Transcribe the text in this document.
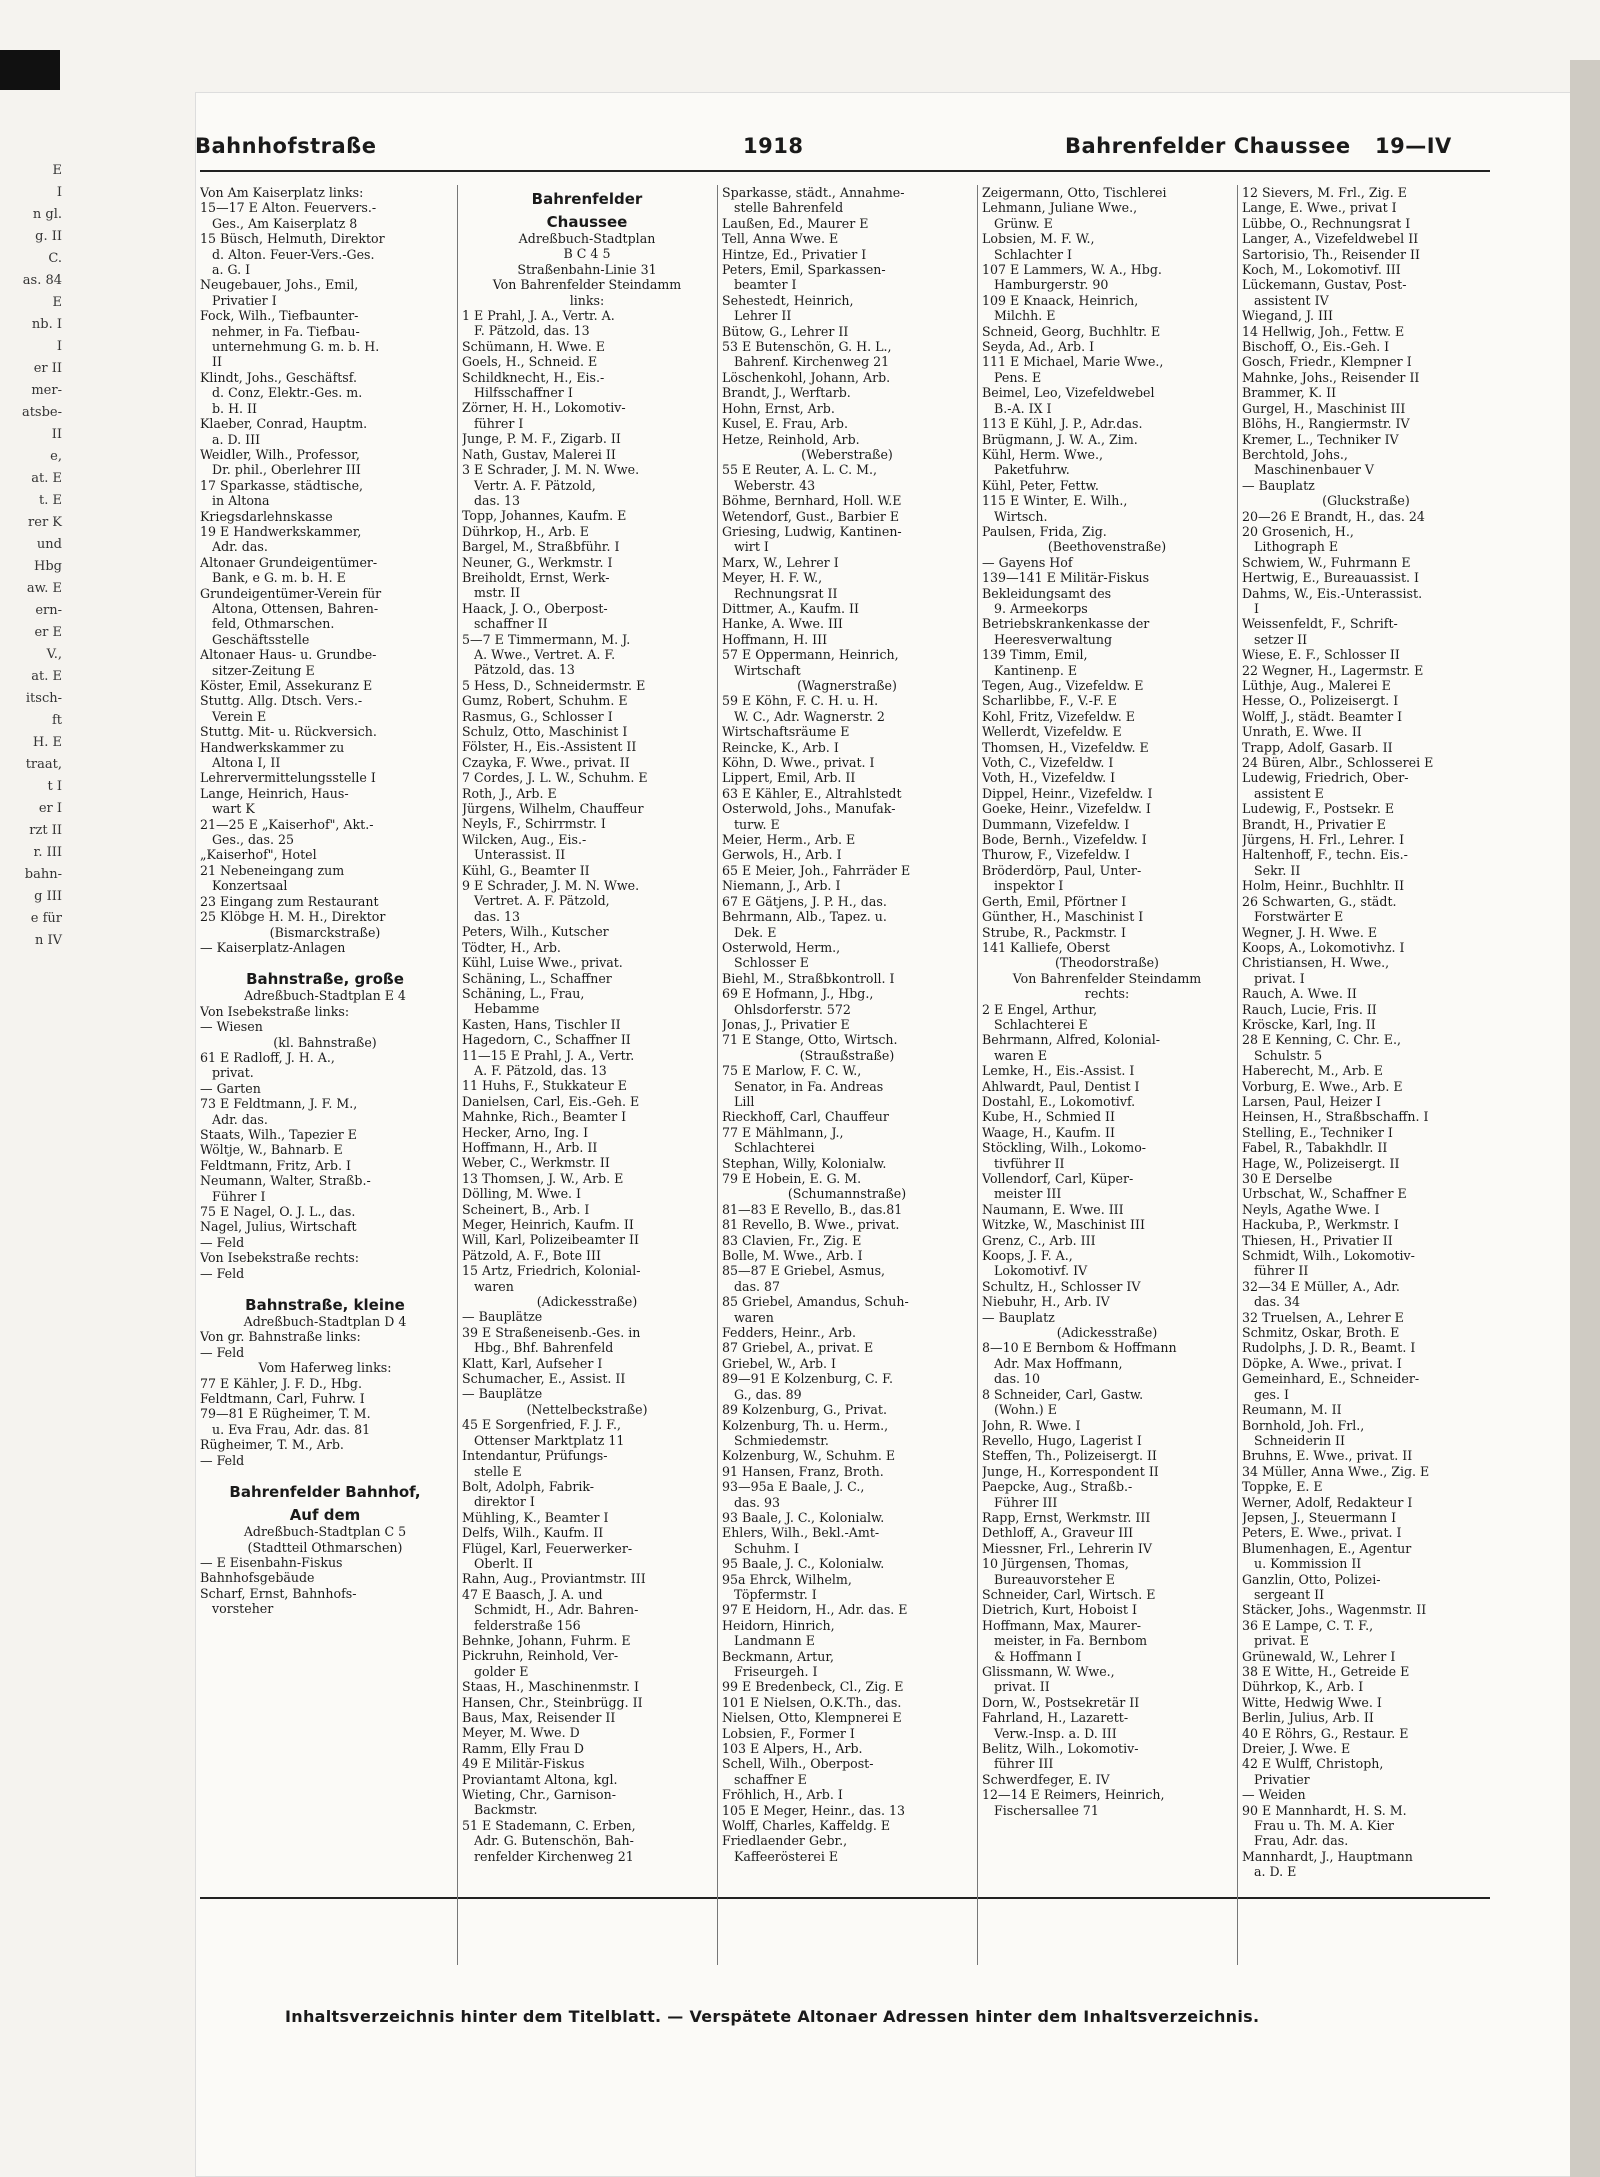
E
I
n gl.
g. II
C.
as. 84
E
nb. I
I
er II
mer-
atsbe-
II
e,
at. E
t. E
rer K
und
Hbg
aw. E
ern-
er E
V.,
at. E
itsch-
ft
H. E
traat,
t I
er I
rzt II
r. III
bahn-
g III
e für
n IV
Bahnhofstraße	1918	Bahrenfelder Chaussee 19—IV
Von Am Kaiserplatz links:
15—17 E Alton. Feuervers.-
Ges., Am Kaiserplatz 8
15 Büsch, Helmuth, Direktor
d. Alton. Feuer-Vers.-Ges.
a. G. I
Neugebauer, Johs., Emil,
Privatier I
Fock, Wilh., Tiefbaunter-
nehmer, in Fa. Tiefbau-
unternehmung G. m. b. H.
II
Klindt, Johs., Geschäftsf.
d. Conz, Elektr.-Ges. m.
b. H. II
Klaeber, Conrad, Hauptm.
a. D. III
Weidler, Wilh., Professor,
Dr. phil., Oberlehrer III
17 Sparkasse, städtische,
in Altona
Kriegsdarlehnskasse
19 E Handwerkskammer,
Adr. das.
Altonaer Grundeigentümer-
Bank, e G. m. b. H. E
Grundeigentümer-Verein für
Altona, Ottensen, Bahren-
feld, Othmarschen.
Geschäftsstelle
Altonaer Haus- u. Grundbe-
sitzer-Zeitung E
Köster, Emil, Assekuranz E
Stuttg. Allg. Dtsch. Vers.-
Verein E
Stuttg. Mit- u. Rückversich.
Handwerkskammer zu
Altona I, II
Lehrervermittelungsstelle I
Lange, Heinrich, Haus-
wart K
21—25 E „Kaiserhof", Akt.-
Ges., das. 25
„Kaiserhof", Hotel
21 Nebeneingang zum
Konzertsaal
23 Eingang zum Restaurant
25 Klöbge H. M. H., Direktor
(Bismarckstraße)
— Kaiserplatz-Anlagen
Bahnstraße, große
Adreßbuch-Stadtplan E 4
Von Isebekstraße links:
— Wiesen
(kl. Bahnstraße)
61 E Radloff, J. H. A.,
privat.
— Garten
73 E Feldtmann, J. F. M.,
Adr. das.
Staats, Wilh., Tapezier E
Wöltje, W., Bahnarb. E
Feldtmann, Fritz, Arb. I
Neumann, Walter, Straßb.-
Führer I
75 E Nagel, O. J. L., das.
Nagel, Julius, Wirtschaft
— Feld
Von Isebekstraße rechts:
— Feld
Bahnstraße, kleine
Adreßbuch-Stadtplan D 4
Von gr. Bahnstraße links:
— Feld
Vom Haferweg links:
77 E Kähler, J. F. D., Hbg.
Feldtmann, Carl, Fuhrw. I
79—81 E Rügheimer, T. M.
u. Eva Frau, Adr. das. 81
Rügheimer, T. M., Arb.
— Feld
Bahrenfelder Bahnhof,
Auf dem
Adreßbuch-Stadtplan C 5
(Stadtteil Othmarschen)
— E Eisenbahn-Fiskus
Bahnhofsgebäude
Scharf, Ernst, Bahnhofs-
vorsteher
Bahrenfelder
Chaussee
Adreßbuch-Stadtplan
B C 4 5
Straßenbahn-Linie 31
Von Bahrenfelder Steindamm
links:
1 E Prahl, J. A., Vertr. A.
F. Pätzold, das. 13
Schümann, H. Wwe. E
Goels, H., Schneid. E
Schildknecht, H., Eis.-
Hilfsschaffner I
Zörner, H. H., Lokomotiv-
führer I
Junge, P. M. F., Zigarb. II
Nath, Gustav, Malerei II
3 E Schrader, J. M. N. Wwe.
Vertr. A. F. Pätzold,
das. 13
Topp, Johannes, Kaufm. E
Dührkop, H., Arb. E
Bargel, M., Straßbführ. I
Neuner, G., Werkmstr. I
Breiholdt, Ernst, Werk-
mstr. II
Haack, J. O., Oberpost-
schaffner II
5—7 E Timmermann, M. J.
A. Wwe., Vertret. A. F.
Pätzold, das. 13
5 Hess, D., Schneidermstr. E
Gumz, Robert, Schuhm. E
Rasmus, G., Schlosser I
Schulz, Otto, Maschinist I
Fölster, H., Eis.-Assistent II
Czayka, F. Wwe., privat. II
7 Cordes, J. L. W., Schuhm. E
Roth, J., Arb. E
Jürgens, Wilhelm, Chauffeur
Neyls, F., Schirrmstr. I
Wilcken, Aug., Eis.-
Unterassist. II
Kühl, G., Beamter II
9 E Schrader, J. M. N. Wwe.
Vertret. A. F. Pätzold,
das. 13
Peters, Wilh., Kutscher
Tödter, H., Arb.
Kühl, Luise Wwe., privat.
Schäning, L., Schaffner
Schäning, L., Frau,
Hebamme
Kasten, Hans, Tischler II
Hagedorn, C., Schaffner II
11—15 E Prahl, J. A., Vertr.
A. F. Pätzold, das. 13
11 Huhs, F., Stukkateur E
Danielsen, Carl, Eis.-Geh. E
Mahnke, Rich., Beamter I
Hecker, Arno, Ing. I
Hoffmann, H., Arb. II
Weber, C., Werkmstr. II
13 Thomsen, J. W., Arb. E
Dölling, M. Wwe. I
Scheinert, B., Arb. I
Meger, Heinrich, Kaufm. II
Will, Karl, Polizeibeamter II
Pätzold, A. F., Bote III
15 Artz, Friedrich, Kolonial-
waren
(Adickesstraße)
— Bauplätze
39 E Straßeneisenb.-Ges. in
Hbg., Bhf. Bahrenfeld
Klatt, Karl, Aufseher I
Schumacher, E., Assist. II
— Bauplätze
(Nettelbeckstraße)
45 E Sorgenfried, F. J. F.,
Ottenser Marktplatz 11
Intendantur, Prüfungs-
stelle E
Bolt, Adolph, Fabrik-
direktor I
Mühling, K., Beamter I
Delfs, Wilh., Kaufm. II
Flügel, Karl, Feuerwerker-
Oberlt. II
Rahn, Aug., Proviantmstr. III
47 E Baasch, J. A. und
Schmidt, H., Adr. Bahren-
felderstraße 156
Behnke, Johann, Fuhrm. E
Pickruhn, Reinhold, Ver-
golder E
Staas, H., Maschinenmstr. I
Hansen, Chr., Steinbrügg. II
Baus, Max, Reisender II
Meyer, M. Wwe. D
Ramm, Elly Frau D
49 E Militär-Fiskus
Proviantamt Altona, kgl.
Wieting, Chr., Garnison-
Backmstr.
51 E Stademann, C. Erben,
Adr. G. Butenschön, Bah-
renfelder Kirchenweg 21
Sparkasse, städt., Annahme-
stelle Bahrenfeld
Laußen, Ed., Maurer E
Tell, Anna Wwe. E
Hintze, Ed., Privatier I
Peters, Emil, Sparkassen-
beamter I
Sehestedt, Heinrich,
Lehrer II
Bütow, G., Lehrer II
53 E Butenschön, G. H. L.,
Bahrenf. Kirchenweg 21
Löschenkohl, Johann, Arb.
Brandt, J., Werftarb.
Hohn, Ernst, Arb.
Kusel, E. Frau, Arb.
Hetze, Reinhold, Arb.
(Weberstraße)
55 E Reuter, A. L. C. M.,
Weberstr. 43
Böhme, Bernhard, Holl. W.E
Wetendorf, Gust., Barbier E
Griesing, Ludwig, Kantinen-
wirt I
Marx, W., Lehrer I
Meyer, H. F. W.,
Rechnungsrat II
Dittmer, A., Kaufm. II
Hanke, A. Wwe. III
Hoffmann, H. III
57 E Oppermann, Heinrich,
Wirtschaft
(Wagnerstraße)
59 E Köhn, F. C. H. u. H.
W. C., Adr. Wagnerstr. 2
Wirtschaftsräume E
Reincke, K., Arb. I
Köhn, D. Wwe., privat. I
Lippert, Emil, Arb. II
63 E Kähler, E., Altrahlstedt
Osterwold, Johs., Manufak-
turw. E
Meier, Herm., Arb. E
Gerwols, H., Arb. I
65 E Meier, Joh., Fahrräder E
Niemann, J., Arb. I
67 E Gätjens, J. P. H., das.
Behrmann, Alb., Tapez. u.
Dek. E
Osterwold, Herm.,
Schlosser E
Biehl, M., Straßbkontroll. I
69 E Hofmann, J., Hbg.,
Ohlsdorferstr. 572
Jonas, J., Privatier E
71 E Stange, Otto, Wirtsch.
(Straußstraße)
75 E Marlow, F. C. W.,
Senator, in Fa. Andreas
Lill
Rieckhoff, Carl, Chauffeur
77 E Mählmann, J.,
Schlachterei
Stephan, Willy, Kolonialw.
79 E Hobein, E. G. M.
(Schumannstraße)
81—83 E Revello, B., das.81
81 Revello, B. Wwe., privat.
83 Clavien, Fr., Zig. E
Bolle, M. Wwe., Arb. I
85—87 E Griebel, Asmus,
das. 87
85 Griebel, Amandus, Schuh-
waren
Fedders, Heinr., Arb.
87 Griebel, A., privat. E
Griebel, W., Arb. I
89—91 E Kolzenburg, C. F.
G., das. 89
89 Kolzenburg, G., Privat.
Kolzenburg, Th. u. Herm.,
Schmiedemstr.
Kolzenburg, W., Schuhm. E
91 Hansen, Franz, Broth.
93—95a E Baale, J. C.,
das. 93
93 Baale, J. C., Kolonialw.
Ehlers, Wilh., Bekl.-Amt-
Schuhm. I
95 Baale, J. C., Kolonialw.
95a Ehrck, Wilhelm,
Töpfermstr. I
97 E Heidorn, H., Adr. das. E
Heidorn, Hinrich,
Landmann E
Beckmann, Artur,
Friseurgeh. I
99 E Bredenbeck, Cl., Zig. E
101 E Nielsen, O.K.Th., das.
Nielsen, Otto, Klempnerei E
Lobsien, F., Former I
103 E Alpers, H., Arb.
Schell, Wilh., Oberpost-
schaffner E
Fröhlich, H., Arb. I
105 E Meger, Heinr., das. 13
Wolff, Charles, Kaffeldg. E
Friedlaender Gebr.,
Kaffeerösterei E
Zeigermann, Otto, Tischlerei
Lehmann, Juliane Wwe.,
Grünw. E
Lobsien, M. F. W.,
Schlachter I
107 E Lammers, W. A., Hbg.
Hamburgerstr. 90
109 E Knaack, Heinrich,
Milchh. E
Schneid, Georg, Buchhltr. E
Seyda, Ad., Arb. I
111 E Michael, Marie Wwe.,
Pens. E
Beimel, Leo, Vizefeldwebel
B.-A. IX I
113 E Kühl, J. P., Adr.das.
Brügmann, J. W. A., Zim.
Kühl, Herm. Wwe.,
Paketfuhrw.
Kühl, Peter, Fettw.
115 E Winter, E. Wilh.,
Wirtsch.
Paulsen, Frida, Zig.
(Beethovenstraße)
— Gayens Hof
139—141 E Militär-Fiskus
Bekleidungsamt des
9. Armeekorps
Betriebskrankenkasse der
Heeresverwaltung
139 Timm, Emil,
Kantinenp. E
Tegen, Aug., Vizefeldw. E
Scharlibbe, F., V.-F. E
Kohl, Fritz, Vizefeldw. E
Wellerdt, Vizefeldw. E
Thomsen, H., Vizefeldw. E
Voth, C., Vizefeldw. I
Voth, H., Vizefeldw. I
Dippel, Heinr., Vizefeldw. I
Goeke, Heinr., Vizefeldw. I
Dummann, Vizefeldw. I
Bode, Bernh., Vizefeldw. I
Thurow, F., Vizefeldw. I
Bröderdörp, Paul, Unter-
inspektor I
Gerth, Emil, Pförtner I
Günther, H., Maschinist I
Strube, R., Packmstr. I
141 Kalliefe, Oberst
(Theodorstraße)
Von Bahrenfelder Steindamm
rechts:
2 E Engel, Arthur,
Schlachterei E
Behrmann, Alfred, Kolonial-
waren E
Lemke, H., Eis.-Assist. I
Ahlwardt, Paul, Dentist I
Dostahl, E., Lokomotivf.
Kube, H., Schmied II
Waage, H., Kaufm. II
Stöckling, Wilh., Lokomo-
tivführer II
Vollendorf, Carl, Küper-
meister III
Naumann, E. Wwe. III
Witzke, W., Maschinist III
Grenz, C., Arb. III
Koops, J. F. A.,
Lokomotivf. IV
Schultz, H., Schlosser IV
Niebuhr, H., Arb. IV
— Bauplatz
(Adickesstraße)
8—10 E Bernbom & Hoffmann
Adr. Max Hoffmann,
das. 10
8 Schneider, Carl, Gastw.
(Wohn.) E
John, R. Wwe. I
Revello, Hugo, Lagerist I
Steffen, Th., Polizeisergt. II
Junge, H., Korrespondent II
Paepcke, Aug., Straßb.-
Führer III
Rapp, Ernst, Werkmstr. III
Dethloff, A., Graveur III
Miessner, Frl., Lehrerin IV
10 Jürgensen, Thomas,
Bureauvorsteher E
Schneider, Carl, Wirtsch. E
Dietrich, Kurt, Hoboist I
Hoffmann, Max, Maurer-
meister, in Fa. Bernbom
& Hoffmann I
Glissmann, W. Wwe.,
privat. II
Dorn, W., Postsekretär II
Fahrland, H., Lazarett-
Verw.-Insp. a. D. III
Belitz, Wilh., Lokomotiv-
führer III
Schwerdfeger, E. IV
12—14 E Reimers, Heinrich,
Fischersallee 71
12 Sievers, M. Frl., Zig. E
Lange, E. Wwe., privat I
Lübbe, O., Rechnungsrat I
Langer, A., Vizefeldwebel II
Sartorisio, Th., Reisender II
Koch, M., Lokomotivf. III
Lückemann, Gustav, Post-
assistent IV
Wiegand, J. III
14 Hellwig, Joh., Fettw. E
Bischoff, O., Eis.-Geh. I
Gosch, Friedr., Klempner I
Mahnke, Johs., Reisender II
Brammer, K. II
Gurgel, H., Maschinist III
Blöhs, H., Rangiermstr. IV
Kremer, L., Techniker IV
Berchtold, Johs.,
Maschinenbauer V
— Bauplatz
(Gluckstraße)
20—26 E Brandt, H., das. 24
20 Grosenich, H.,
Lithograph E
Schwiem, W., Fuhrmann E
Hertwig, E., Bureauassist. I
Dahms, W., Eis.-Unterassist.
I
Weissenfeldt, F., Schrift-
setzer II
Wiese, E. F., Schlosser II
22 Wegner, H., Lagermstr. E
Lüthje, Aug., Malerei E
Hesse, O., Polizeisergt. I
Wolff, J., städt. Beamter I
Unrath, E. Wwe. II
Trapp, Adolf, Gasarb. II
24 Büren, Albr., Schlosserei E
Ludewig, Friedrich, Ober-
assistent E
Ludewig, F., Postsekr. E
Brandt, H., Privatier E
Jürgens, H. Frl., Lehrer. I
Haltenhoff, F., techn. Eis.-
Sekr. II
Holm, Heinr., Buchhltr. II
26 Schwarten, G., städt.
Forstwärter E
Wegner, J. H. Wwe. E
Koops, A., Lokomotivhz. I
Christiansen, H. Wwe.,
privat. I
Rauch, A. Wwe. II
Rauch, Lucie, Fris. II
Kröscke, Karl, Ing. II
28 E Kenning, C. Chr. E.,
Schulstr. 5
Haberecht, M., Arb. E
Vorburg, E. Wwe., Arb. E
Larsen, Paul, Heizer I
Heinsen, H., Straßbschaffn. I
Stelling, E., Techniker I
Fabel, R., Tabakhdlr. II
Hage, W., Polizeisergt. II
30 E Derselbe
Urbschat, W., Schaffner E
Neyls, Agathe Wwe. I
Hackuba, P., Werkmstr. I
Thiesen, H., Privatier II
Schmidt, Wilh., Lokomotiv-
führer II
32—34 E Müller, A., Adr.
das. 34
32 Truelsen, A., Lehrer E
Schmitz, Oskar, Broth. E
Rudolphs, J. D. R., Beamt. I
Döpke, A. Wwe., privat. I
Gemeinhard, E., Schneider-
ges. I
Reumann, M. II
Bornhold, Joh. Frl.,
Schneiderin II
Bruhns, E. Wwe., privat. II
34 Müller, Anna Wwe., Zig. E
Toppke, E. E
Werner, Adolf, Redakteur I
Jepsen, J., Steuermann I
Peters, E. Wwe., privat. I
Blumenhagen, E., Agentur
u. Kommission II
Ganzlin, Otto, Polizei-
sergeant II
Stäcker, Johs., Wagenmstr. II
36 E Lampe, C. T. F.,
privat. E
Grünewald, W., Lehrer I
38 E Witte, H., Getreide E
Dührkop, K., Arb. I
Witte, Hedwig Wwe. I
Berlin, Julius, Arb. II
40 E Röhrs, G., Restaur. E
Dreier, J. Wwe. E
42 E Wulff, Christoph,
Privatier
— Weiden
90 E Mannhardt, H. S. M.
Frau u. Th. M. A. Kier
Frau, Adr. das.
Mannhardt, J., Hauptmann
a. D. E
Inhaltsverzeichnis hinter dem Titelblatt. — Verspätete Altonaer Adressen hinter dem Inhaltsverzeichnis.
